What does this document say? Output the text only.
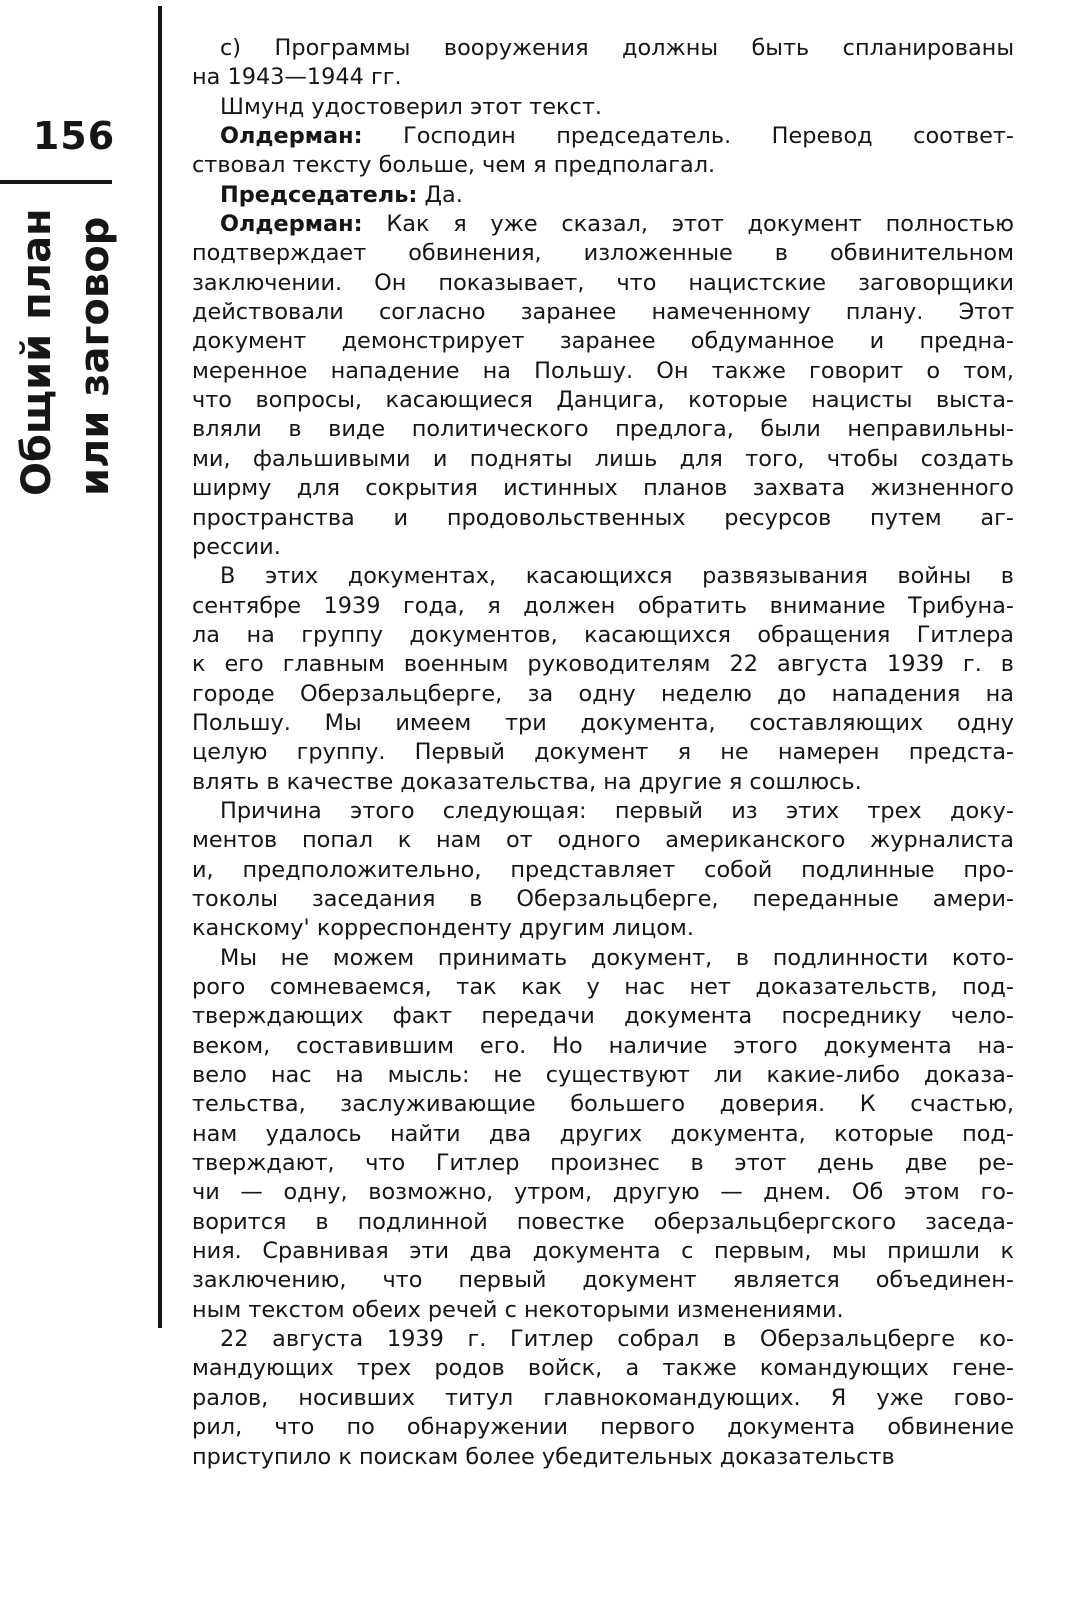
156
Общий план или заговор

c) Программы вооружения должны быть спланированы

на 1943—1944 гг.

Шмунд удостоверил этот текст.

Олдерман: Господин председатель. Перевод соответ-

ствовал тексту больше, чем я предполагал.

Председатель: Да.

Олдерман: Как я уже сказал, этот документ полностью

подтверждает обвинения, изложенные в обвинительном

заключении. Он показывает, что нацистские заговорщики

действовали согласно заранее намеченному плану. Этот

документ демонстрирует заранее обдуманное и предна-

меренное нападение на Польшу. Он также говорит о том,

что вопросы, касающиеся Данцига, которые нацисты выста-

вляли в виде политического предлога, были неправильны-

ми, фальшивыми и подняты лишь для того, чтобы создать

ширму для сокрытия истинных планов захвата жизненного

пространства и продовольственных ресурсов путем аг-

рессии.

В этих документах, касающихся развязывания войны в

сентябре 1939 года, я должен обратить внимание Трибуна-

ла на группу документов, касающихся обращения Гитлера

к его главным военным руководителям 22 августа 1939 г. в

городе Оберзальцберге, за одну неделю до нападения на

Польшу. Мы имеем три документа, составляющих одну

целую группу. Первый документ я не намерен предста-

влять в качестве доказательства, на другие я сошлюсь.

Причина этого следующая: первый из этих трех доку-

ментов попал к нам от одного американского журналиста

и, предположительно, представляет собой подлинные про-

токолы заседания в Оберзальцберге, переданные амери-

канскому' корреспонденту другим лицом.

Мы не можем принимать документ, в подлинности кото-

рого сомневаемся, так как у нас нет доказательств, под-

тверждающих факт передачи документа посреднику чело-

веком, составившим его. Но наличие этого документа на-

вело нас на мысль: не существуют ли какие-либо доказа-

тельства, заслуживающие большего доверия. К счастью,

нам удалось найти два других документа, которые под-

тверждают, что Гитлер произнес в этот день две ре-

чи — одну, возможно, утром, другую — днем. Об этом го-

ворится в подлинной повестке оберзальцбергского заседа-

ния. Сравнивая эти два документа с первым, мы пришли к

заключению, что первый документ является объединен-

ным текстом обеих речей с некоторыми изменениями.

22 августа 1939 г. Гитлер собрал в Оберзальцберге ко-

мандующих трех родов войск, а также командующих гене-

ралов, носивших титул главнокомандующих. Я уже гово-

рил, что по обнаружении первого документа обвинение

приступило к поискам более убедительных доказательств
